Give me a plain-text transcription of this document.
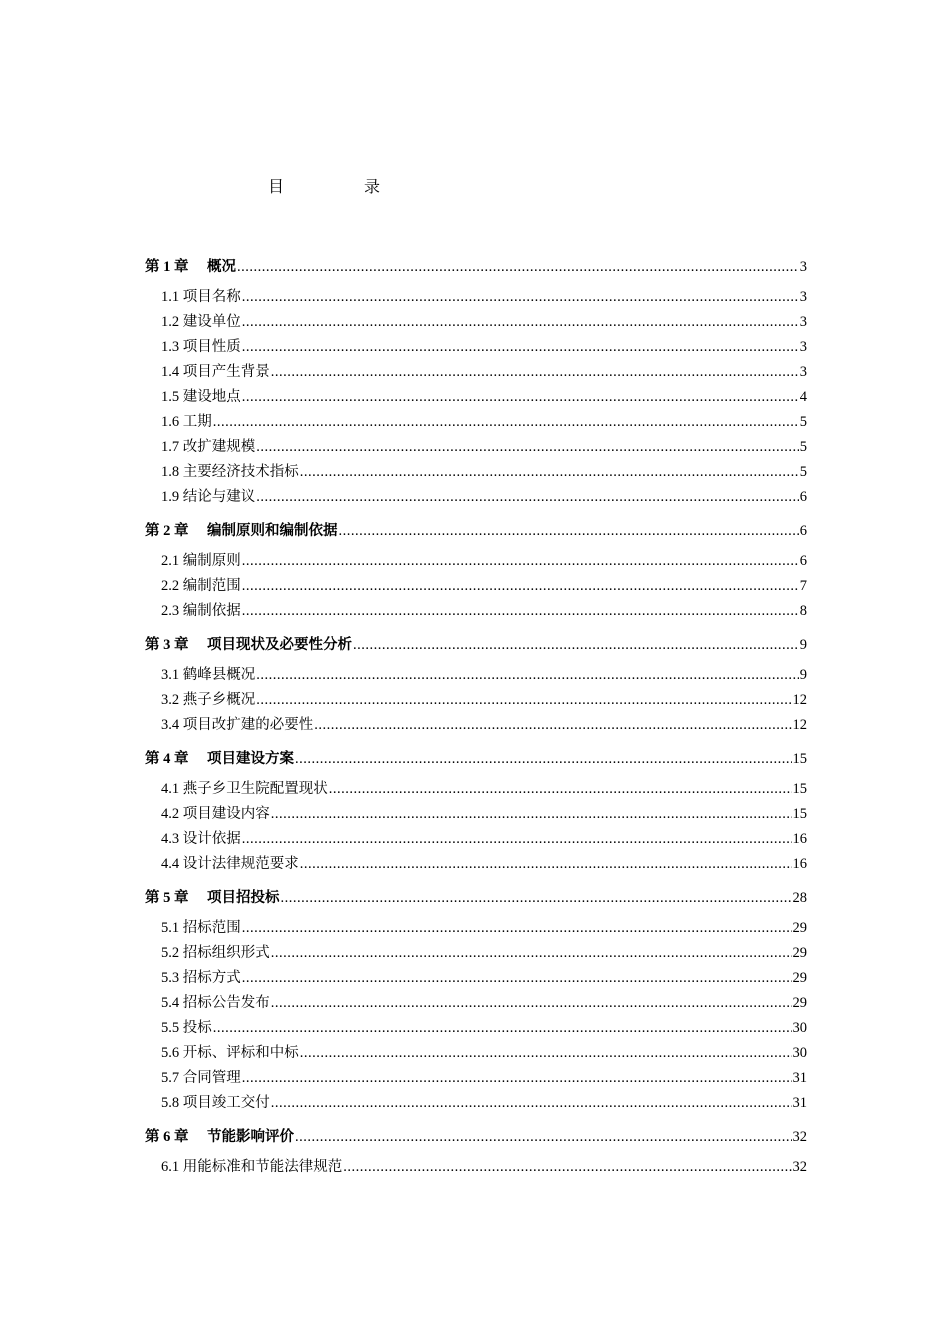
目	录
第 1 章 概况 .....	3
1.1 项目名称 .....	3
1.2 建设单位 .....	3
1.3 项目性质 .....	3
1.4 项目产生背景 .....	3
1.5 建设地点 .....	4
1.6 工期 .....	5
1.7 改扩建规模 .....	5
1.8 主要经济技术指标 .....	5
1.9 结论与建议 .....	6
第 2 章 编制原则和编制依据 .....	6
2.1 编制原则 .....	6
2.2 编制范围 .....	7
2.3 编制依据 .....	8
第 3 章 项目现状及必要性分析 .....	9
3.1 鹤峰县概况 .....	9
3.2 燕子乡概况 .....	12
3.4 项目改扩建的必要性 .....	12
第 4 章 项目建设方案 .....	15
4.1 燕子乡卫生院配置现状 .....	15
4.2 项目建设内容 .....	15
4.3 设计依据 .....	16
4.4 设计法律规范要求 .....	16
第 5 章 项目招投标 .....	28
5.1 招标范围 .....	29
5.2 招标组织形式 .....	29
5.3 招标方式 .....	29
5.4 招标公告发布 .....	29
5.5 投标 .....	30
5.6 开标、评标和中标 .....	30
5.7 合同管理 .....	31
5.8 项目竣工交付 .....	31
第 6 章 节能影响评价 .....	32
6.1 用能标准和节能法律规范 .....	32
